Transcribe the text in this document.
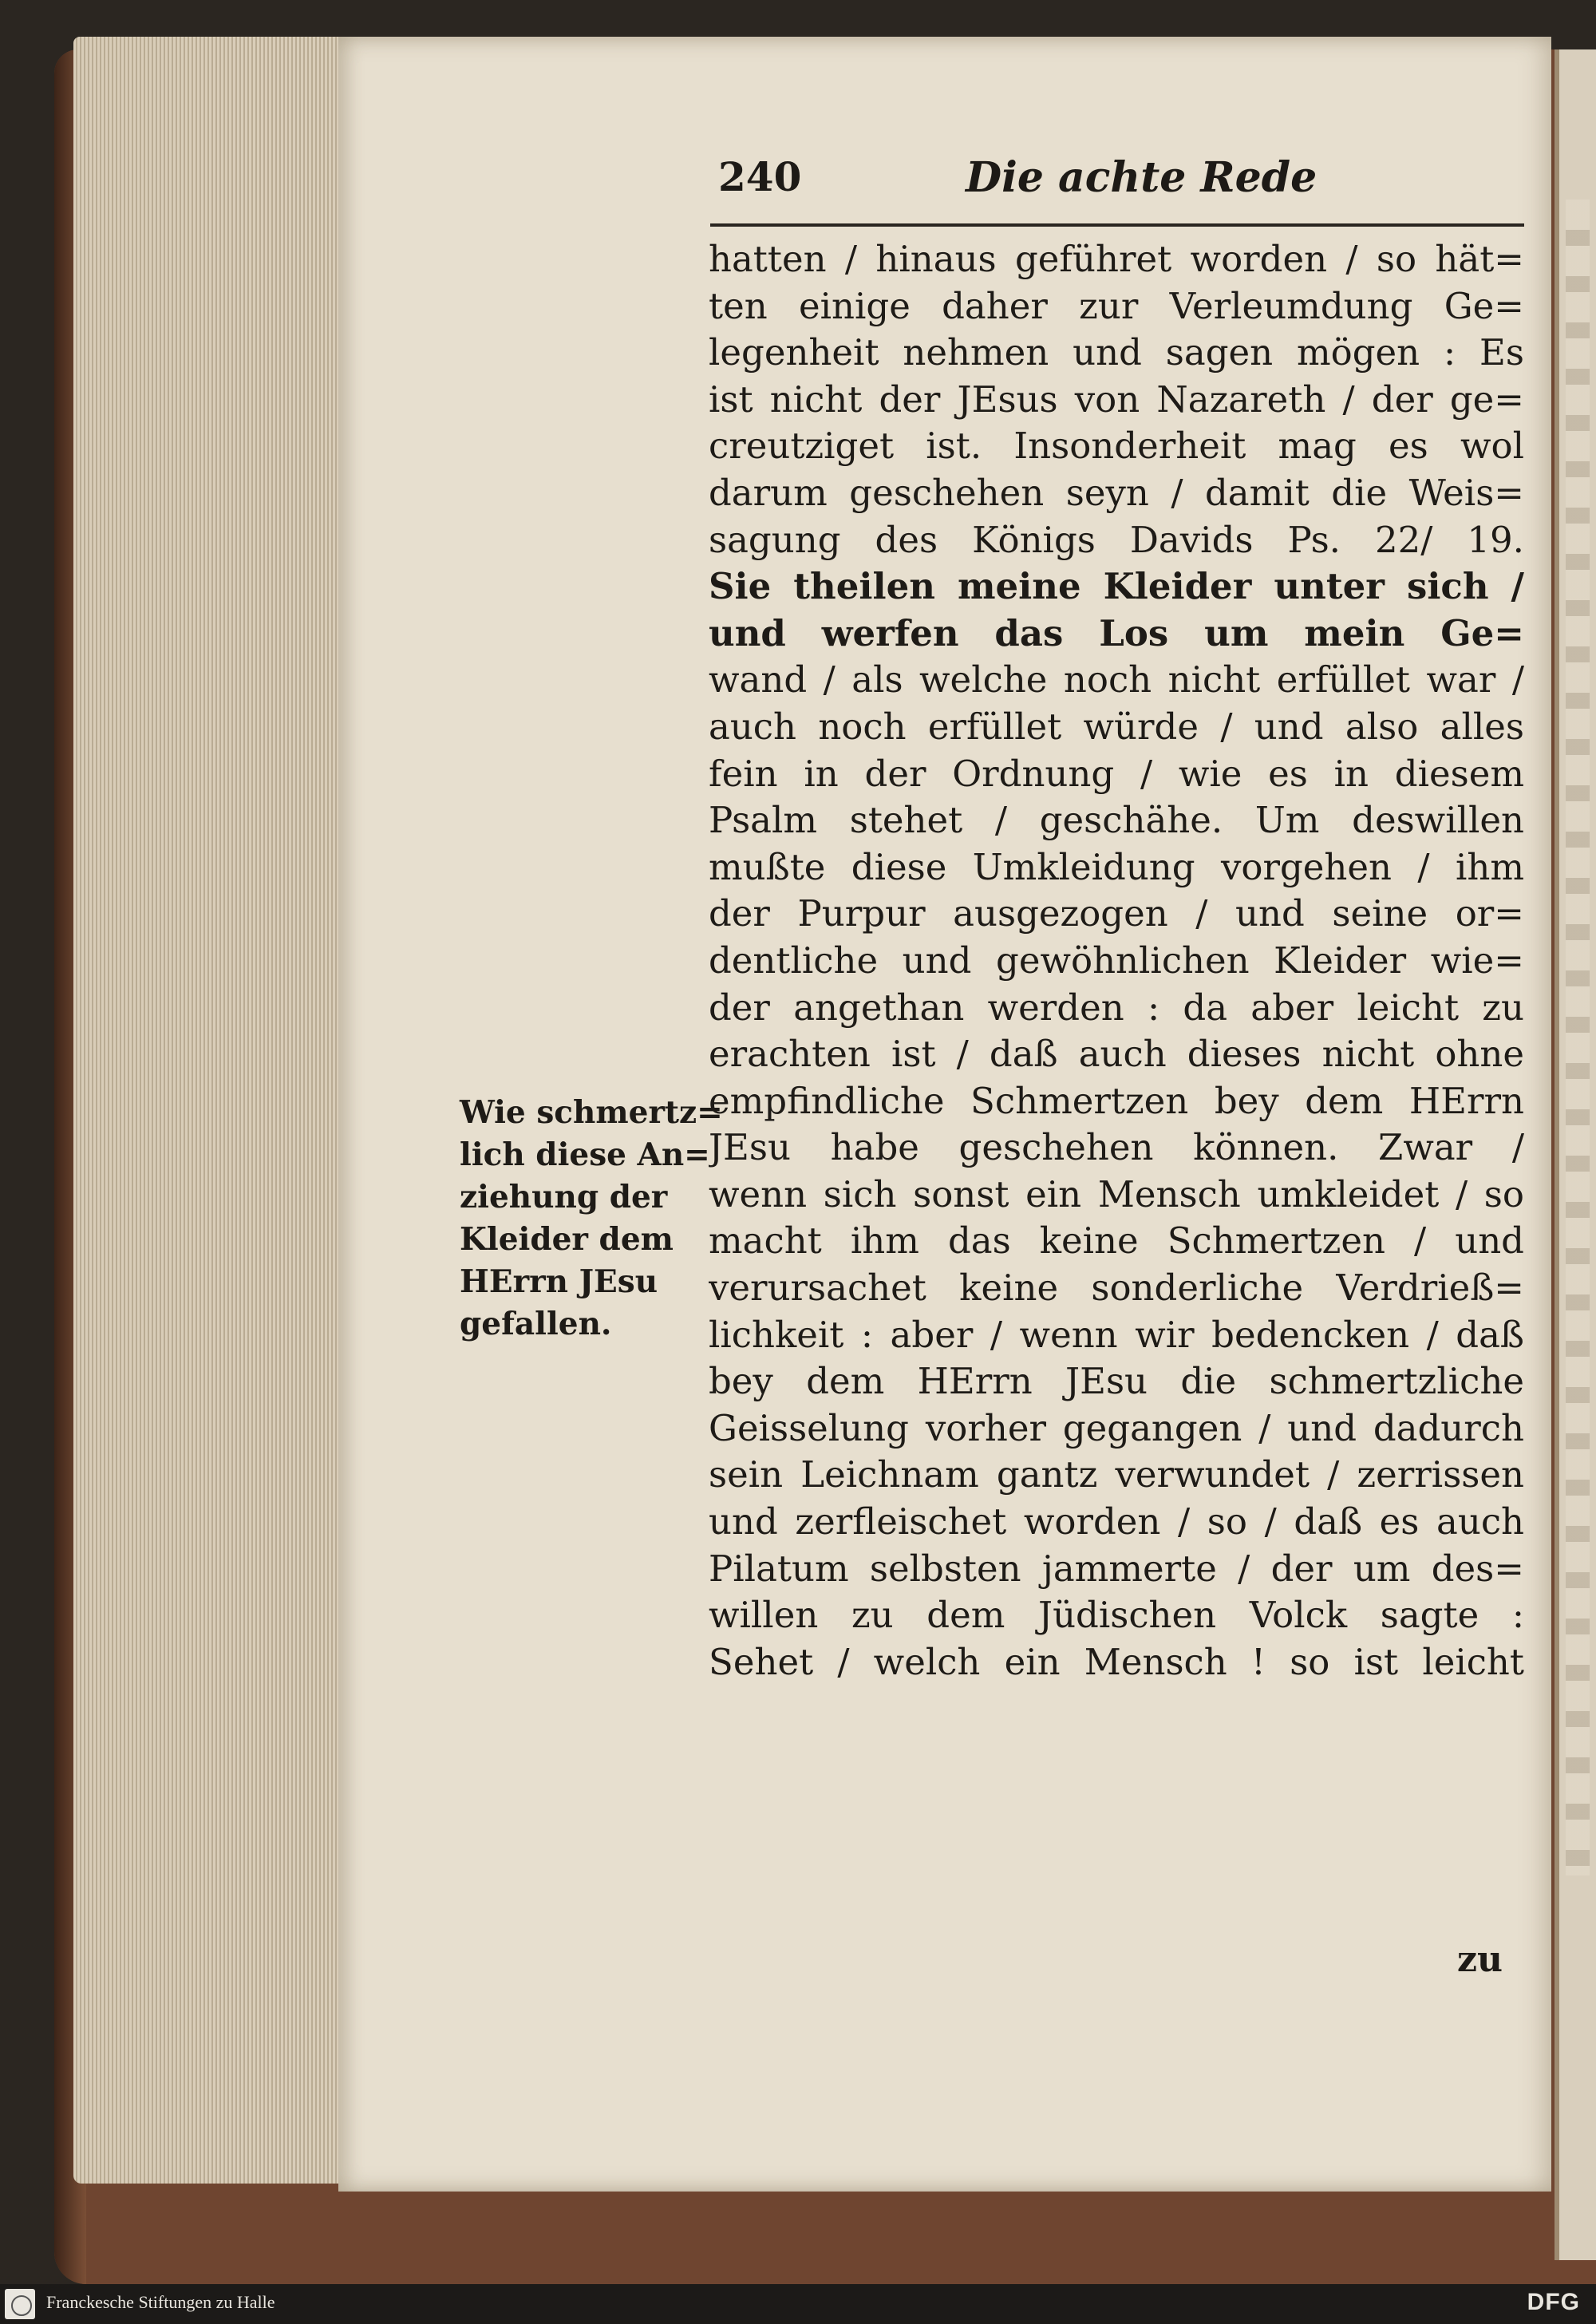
240	Die achte Rede
hatten / hinaus geführet worden / so hät=
ten einige daher zur Verleumdung Ge=
legenheit nehmen und sagen mögen : Es
ist nicht der JEsus von Nazareth / der ge=
creutziget ist. Insonderheit mag es wol
darum geschehen seyn / damit die Weis=
sagung des Königs Davids Ps. 22/ 19.
Sie theilen meine Kleider unter sich /
und werfen das Los um mein Ge=
wand / als welche noch nicht erfüllet war /
auch noch erfüllet würde / und also alles
fein in der Ordnung / wie es in diesem
Psalm stehet / geschähe. Um deswillen
mußte diese Umkleidung vorgehen / ihm
der Purpur ausgezogen / und seine or=
dentliche und gewöhnlichen Kleider wie=
der angethan werden : da aber leicht zu
erachten ist / daß auch dieses nicht ohne
empfindliche Schmertzen bey dem HErrn
JEsu habe geschehen können. Zwar /
wenn sich sonst ein Mensch umkleidet / so
macht ihm das keine Schmertzen / und
verursachet keine sonderliche Verdrieß=
lichkeit : aber / wenn wir bedencken / daß
bey dem HErrn JEsu die schmertzliche
Geisselung vorher gegangen / und dadurch
sein Leichnam gantz verwundet / zerrissen
und zerfleischet worden / so / daß es auch
Pilatum selbsten jammerte / der um des=
willen zu dem Jüdischen Volck sagte :
Sehet / welch ein Mensch ! so ist leicht
zu
Wie schmertz=
lich diese An=
ziehung der
Kleider dem
HErrn JEsu
gefallen.
Franckesche Stiftungen zu Halle	DFG
